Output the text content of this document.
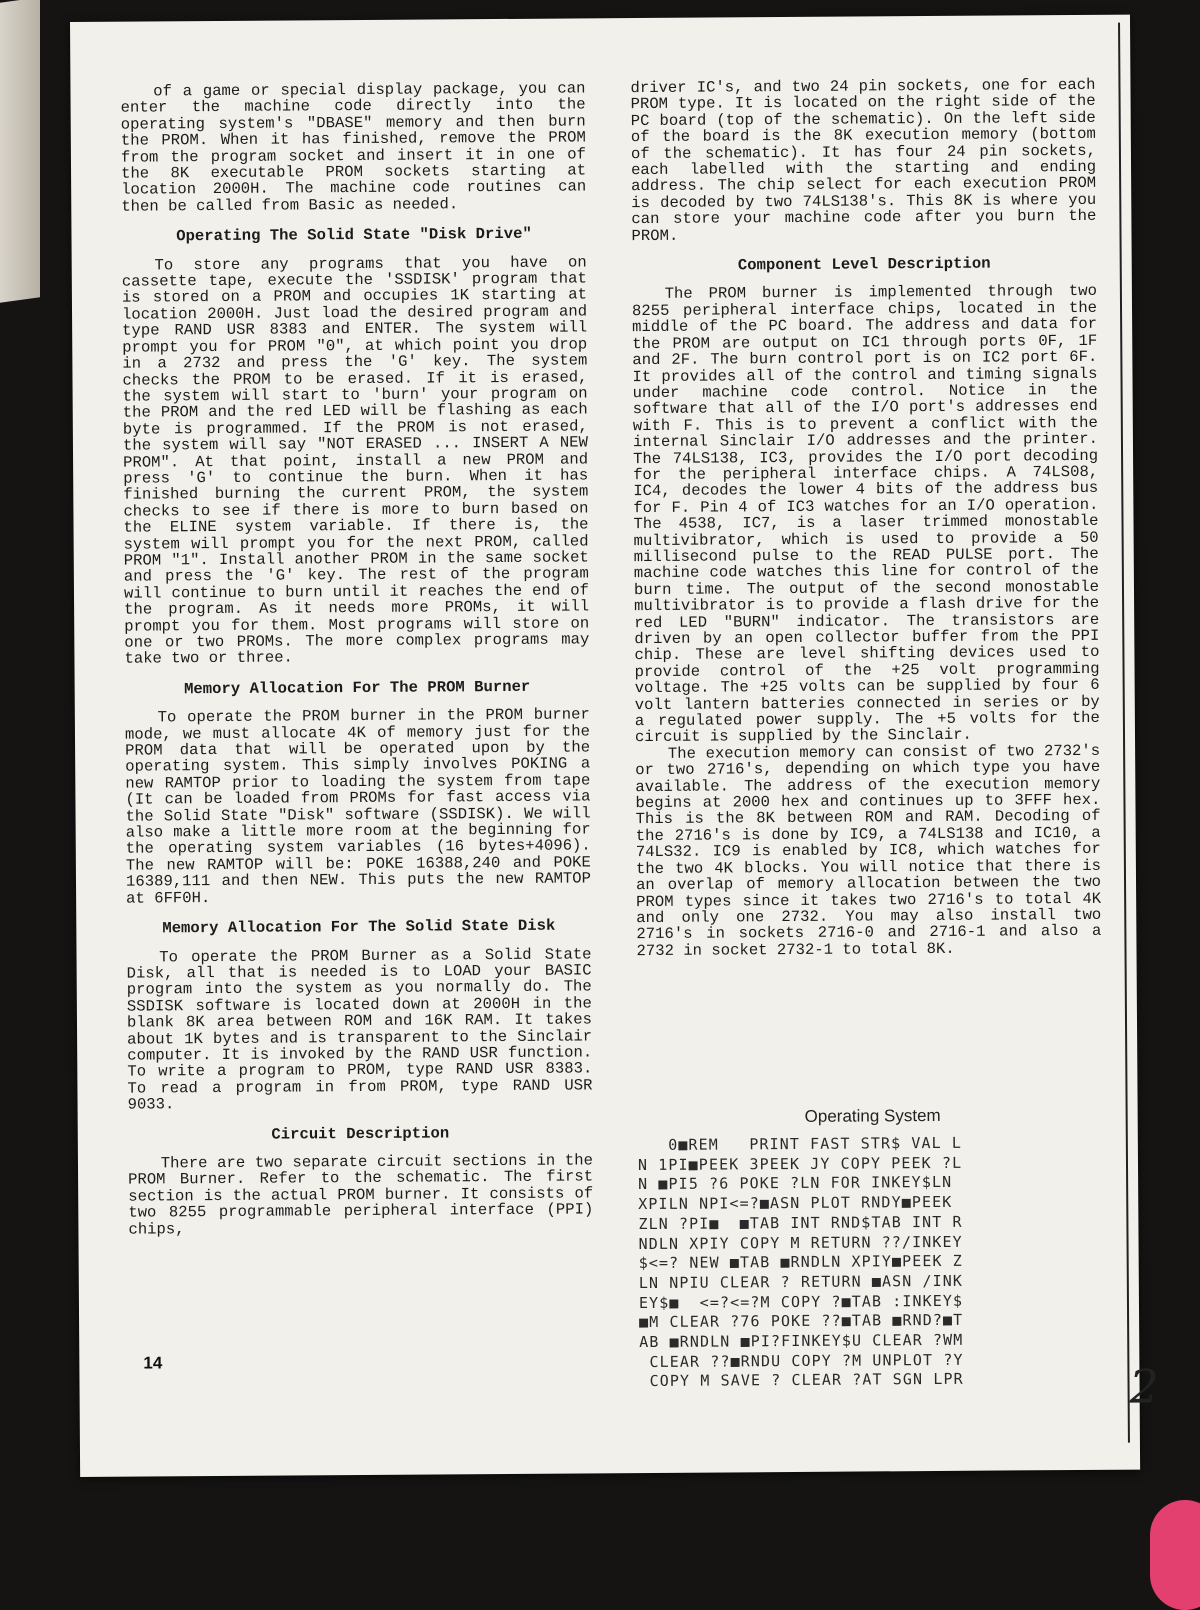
of a game or special display package, you can enter the machine code directly into the operating system's "DBASE" memory and then burn the PROM. When it has finished, remove the PROM from the program socket and insert it in one of the 8K executable PROM sockets starting at location 2000H. The machine code routines can then be called from Basic as needed.

Operating The Solid State "Disk Drive"

To store any programs that you have on cassette tape, execute the 'SSDISK' program that is stored on a PROM and occupies 1K starting at location 2000H. Just load the desired program and type RAND USR 8383 and ENTER. The system will prompt you for PROM "0", at which point you drop in a 2732 and press the 'G' key. The system checks the PROM to be erased. If it is erased, the system will start to 'burn' your program on the PROM and the red LED will be flashing as each byte is programmed. If the PROM is not erased, the system will say "NOT ERASED ... INSERT A NEW PROM". At that point, install a new PROM and press 'G' to continue the burn. When it has finished burning the current PROM, the system checks to see if there is more to burn based on the ELINE system variable. If there is, the system will prompt you for the next PROM, called PROM "1". Install another PROM in the same socket and press the 'G' key. The rest of the program will continue to burn until it reaches the end of the program. As it needs more PROMs, it will prompt you for them. Most programs will store on one or two PROMs. The more complex programs may take two or three.

Memory Allocation For The PROM Burner

To operate the PROM burner in the PROM burner mode, we must allocate 4K of memory just for the PROM data that will be operated upon by the operating system. This simply involves POKING a new RAMTOP prior to loading the system from tape (It can be loaded from PROMs for fast access via the Solid State "Disk" software (SSDISK). We will also make a little more room at the beginning for the operating system variables (16 bytes+4096). The new RAMTOP will be: POKE 16388,240 and POKE 16389,111 and then NEW. This puts the new RAMTOP at 6FF0H.

Memory Allocation For The Solid State Disk

To operate the PROM Burner as a Solid State Disk, all that is needed is to LOAD your BASIC program into the system as you normally do. The SSDISK software is located down at 2000H in the blank 8K area between ROM and 16K RAM. It takes about 1K bytes and is transparent to the Sinclair computer. It is invoked by the RAND USR function. To write a program to PROM, type RAND USR 8383. To read a program in from PROM, type RAND USR 9033.

Circuit Description

There are two separate circuit sections in the PROM Burner. Refer to the schematic. The first section is the actual PROM burner. It consists of two 8255 programmable peripheral interface (PPI) chips,

driver IC's, and two 24 pin sockets, one for each PROM type. It is located on the right side of the PC board (top of the schematic). On the left side of the board is the 8K execution memory (bottom of the schematic). It has four 24 pin sockets, each labelled with the starting and ending address. The chip select for each execution PROM is decoded by two 74LS138's. This 8K is where you can store your machine code after you burn the PROM.

Component Level Description

The PROM burner is implemented through two 8255 peripheral interface chips, located in the middle of the PC board. The address and data for the PROM are output on IC1 through ports 0F, 1F and 2F. The burn control port is on IC2 port 6F. It provides all of the control and timing signals under machine code control. Notice in the software that all of the I/O port's addresses end with F. This is to prevent a conflict with the internal Sinclair I/O addresses and the printer. The 74LS138, IC3, provides the I/O port decoding for the peripheral interface chips. A 74LS08, IC4, decodes the lower 4 bits of the address bus for F. Pin 4 of IC3 watches for an I/O operation. The 4538, IC7, is a laser trimmed monostable multivibrator, which is used to provide a 50 millisecond pulse to the READ PULSE port. The machine code watches this line for control of the burn time. The output of the second monostable multivibrator is to provide a flash drive for the red LED "BURN" indicator. The transistors are driven by an open collector buffer from the PPI chip. These are level shifting devices used to provide control of the +25 volt programming voltage. The +25 volts can be supplied by four 6 volt lantern batteries connected in series or by a regulated power supply. The +5 volts for the circuit is supplied by the Sinclair.

The execution memory can consist of two 2732's or two 2716's, depending on which type you have available. The address of the execution memory begins at 2000 hex and continues up to 3FFF hex. This is the 8K between ROM and RAM. Decoding of the 2716's is done by IC9, a 74LS138 and IC10, a 74LS32. IC9 is enabled by IC8, which watches for the two 4K blocks. You will notice that there is an overlap of memory allocation between the two PROM types since it takes two 2716's to total 4K and only one 2732. You may also install two 2716's in sockets 2716-0 and 2716-1 and also a 2732 in socket 2732-1 to total 8K.

Operating System
0■REM   PRINT FAST STR$ VAL L
N 1PI■PEEK 3PEEK JY COPY PEEK ?L
N ■PI5 ?6 POKE ?LN FOR INKEY$LN
XPILN NPI<=?■ASN PLOT RNDY■PEEK
ZLN ?PI■  ■TAB INT RND$TAB INT R
NDLN XPIY COPY M RETURN ??/INKEY
$<=? NEW ■TAB ■RNDLN XPIY■PEEK Z
LN NPIU CLEAR ? RETURN ■ASN /INK
EY$■  <=?<=?M COPY ?■TAB :INKEY$
■M CLEAR ?76 POKE ??■TAB ■RND?■T
AB ■RNDLN ■PI?FINKEY$U CLEAR ?WM
CLEAR ??■RNDU COPY ?M UNPLOT ?Y
COPY M SAVE ? CLEAR ?AT SGN LPR
14	2
